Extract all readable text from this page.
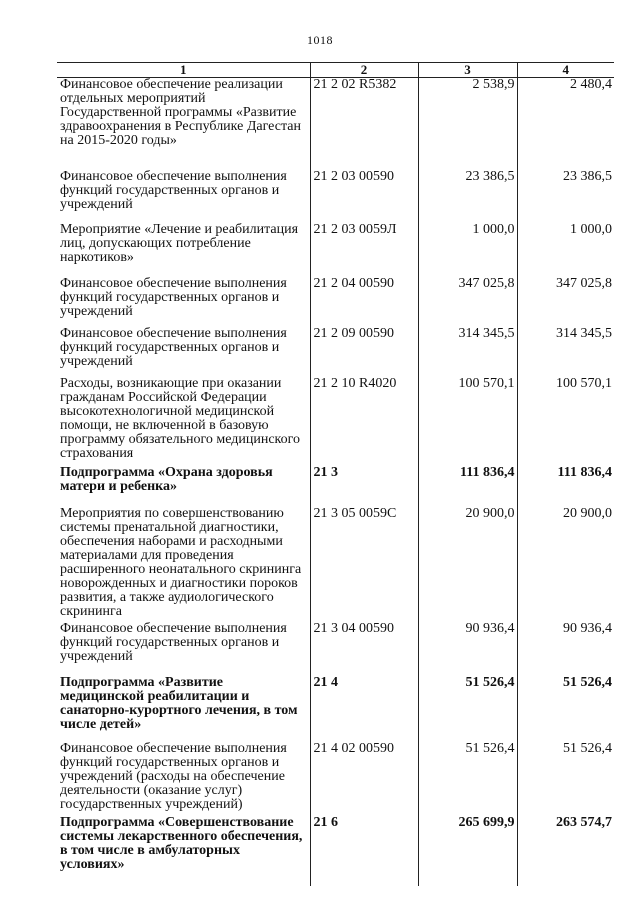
1018
1	2	3	4
Финансовое обеспечение реализации отдельных мероприятий Государственной программы «Развитие здравоохранения в Республике Дагестан на 2015-2020 годы»	21 2 02 R5382	2 538,9	2 480,4
Финансовое обеспечение выполнения функций государственных органов и учреждений	21 2 03 00590	23 386,5	23 386,5
Мероприятие «Лечение и реабилитация лиц, допускающих потребление наркотиков»	21 2 03 0059Л	1 000,0	1 000,0
Финансовое обеспечение выполнения функций государственных органов и учреждений	21 2 04 00590	347 025,8	347 025,8
Финансовое обеспечение выполнения функций государственных органов и учреждений	21 2 09 00590	314 345,5	314 345,5
Расходы, возникающие при оказании гражданам Российской Федерации высокотехнологичной медицинской помощи, не включенной в базовую программу обязательного медицинского страхования	21 2 10 R4020	100 570,1	100 570,1
Подпрограмма «Охрана здоровья матери и ребенка»	21 3	111 836,4	111 836,4
Мероприятия по совершенствованию системы пренатальной диагностики, обеспечения наборами и расходными материалами для проведения расширенного неонатального скрининга новорожденных и диагностики пороков развития, а также аудиологического скрининга	21 3 05 0059С	20 900,0	20 900,0
Финансовое обеспечение выполнения функций государственных органов и учреждений	21 3 04 00590	90 936,4	90 936,4
Подпрограмма «Развитие медицинской реабилитации и санаторно-курортного лечения, в том числе детей»	21 4	51 526,4	51 526,4
Финансовое обеспечение выполнения функций государственных органов и учреждений (расходы на обеспечение деятельности (оказание услуг) государственных учреждений)	21 4 02 00590	51 526,4	51 526,4
Подпрограмма «Совершенствование системы лекарственного обеспечения, в том числе в амбулаторных условиях»	21 6	265 699,9	263 574,7
